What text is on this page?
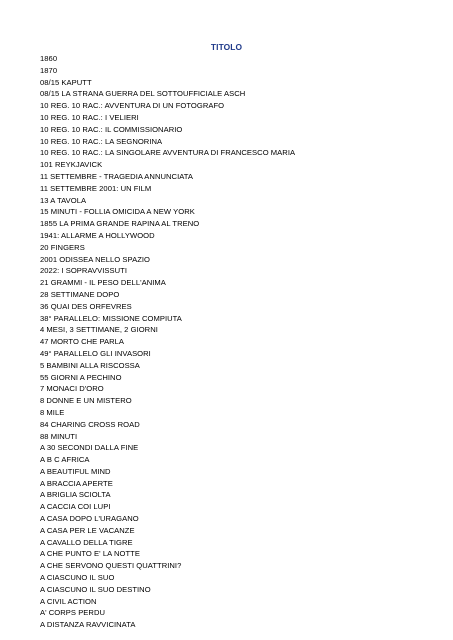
TITOLO
1860
1870
08/15 KAPUTT
08/15 LA STRANA GUERRA DEL SOTTOUFFICIALE ASCH
10 REG. 10 RAC.: AVVENTURA DI UN FOTOGRAFO
10 REG. 10 RAC.: I VELIERI
10 REG. 10 RAC.: IL COMMISSIONARIO
10 REG. 10 RAC.: LA SEGNORINA
10 REG. 10 RAC.: LA SINGOLARE AVVENTURA DI FRANCESCO MARIA
101 REYKJAVICK
11 SETTEMBRE - TRAGEDIA ANNUNCIATA
11 SETTEMBRE 2001: UN FILM
13 A TAVOLA
15 MINUTI - FOLLIA OMICIDA A NEW YORK
1855 LA PRIMA GRANDE RAPINA AL TRENO
1941: ALLARME A HOLLYWOOD
20 FINGERS
2001 ODISSEA NELLO SPAZIO
2022: I SOPRAVVISSUTI
21 GRAMMI - IL PESO DELL'ANIMA
28 SETTIMANE DOPO
36 QUAI DES ORFEVRES
38° PARALLELO: MISSIONE COMPIUTA
4 MESI, 3 SETTIMANE, 2 GIORNI
47 MORTO CHE PARLA
49° PARALLELO GLI INVASORI
5 BAMBINI ALLA RISCOSSA
55 GIORNI A PECHINO
7 MONACI D'ORO
8 DONNE E UN MISTERO
8 MILE
84 CHARING CROSS ROAD
88 MINUTI
A 30 SECONDI DALLA FINE
A B C AFRICA
A BEAUTIFUL MIND
A BRACCIA APERTE
A BRIGLIA SCIOLTA
A CACCIA COI LUPI
A CASA DOPO L'URAGANO
A CASA PER LE VACANZE
A CAVALLO DELLA TIGRE
A CHE PUNTO E' LA NOTTE
A CHE SERVONO QUESTI QUATTRINI?
A CIASCUNO IL SUO
A CIASCUNO IL SUO DESTINO
A CIVIL ACTION
A' CORPS PERDU
A DISTANZA RAVVICINATA
